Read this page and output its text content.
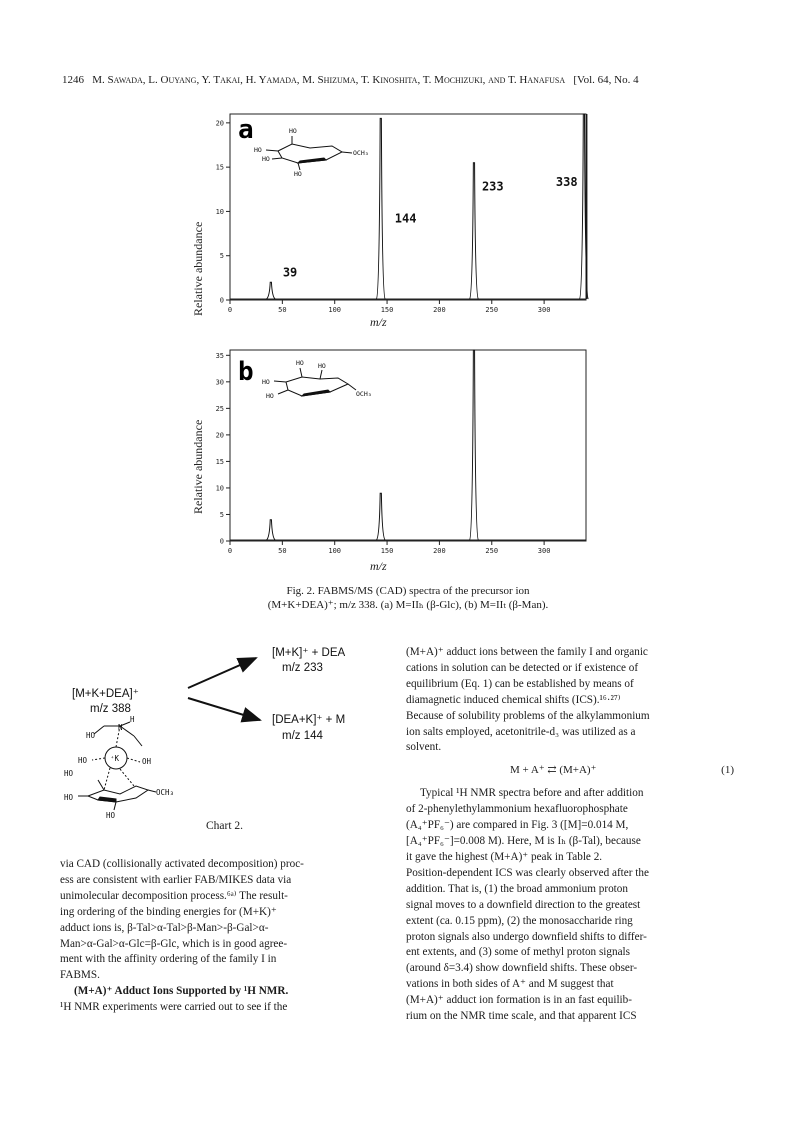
1246 M. Sawada, L. Ouyang, Y. Takai, H. Yamada, M. Shizuma, T. Kinoshita, T. Mochizuki, and T. Hanafusa [Vol. 64, No. 4
0	50	100	150	200	250	300
0
5
10
15
20
39
144
233	338
a	HO
HO
HO
HO
OCH₃
Relative abundance
m/z
0	50	100	150	200	250	300
0
5
10
15
20
25
30
35
b	HO HO
HO
HO	OCH₃
Relative abundance
m/z
Fig. 2. FABMS/MS (CAD) spectra of the precursor ion
(M+K+DEA)⁺; m/z 338. (a) M=IIₕ (β-Glc), (b) M=IIₜ (β-Man).
[M+K]⁺ + DEA
m/z 233
[M+K+DEA]⁺
m/z 388
[DEA+K]⁺ + M
m/z 144
H
N
HO
⁺K	OH
HO
HO
HO
OCH₃
HO
Chart 2.

via CAD (collisionally activated decomposition) proc-

ess are consistent with earlier FAB/MIKES data via

unimolecular decomposition process.⁶ᵃ⁾ The result-

ing ordering of the binding energies for (M+K)⁺

adduct ions is, β-Tal>α-Tal>β-Man>-β-Gal>α-

Man>α-Gal>α-Glc=β-Glc, which is in good agree-

ment with the affinity ordering of the family I in

FABMS.

(M+A)⁺ Adduct Ions Supported by ¹H NMR.

¹H NMR experiments were carried out to see if the

(M+A)⁺ adduct ions between the family I and organic

cations in solution can be detected or if existence of

equilibrium (Eq. 1) can be established by means of

diamagnetic induced chemical shifts (ICS).¹⁶·²⁷⁾

Because of solubility problems of the alkylammonium

ion salts employed, acetonitrile-d₃ was utilized as a

solvent.

M + A⁺ ⇄ (M+A)⁺	(1)

Typical ¹H NMR spectra before and after addition

of 2-phenylethylammonium hexafluorophosphate

(A₄⁺PF₆⁻) are compared in Fig. 3 ([M]=0.014 M,

[A₄⁺PF₆⁻]=0.008 M). Here, M is Iₕ (β-Tal), because

it gave the highest (M+A)⁺ peak in Table 2.

Position-dependent ICS was clearly observed after the

addition. That is, (1) the broad ammonium proton

signal moves to a downfield direction to the greatest

extent (ca. 0.15 ppm), (2) the monosaccharide ring

proton signals also undergo downfield shifts to differ-

ent extents, and (3) some of methyl proton signals

(around δ=3.4) show downfield shifts. These obser-

vations in both sides of A⁺ and M suggest that

(M+A)⁺ adduct ion formation is in an fast equilib-

rium on the NMR time scale, and that apparent ICS
